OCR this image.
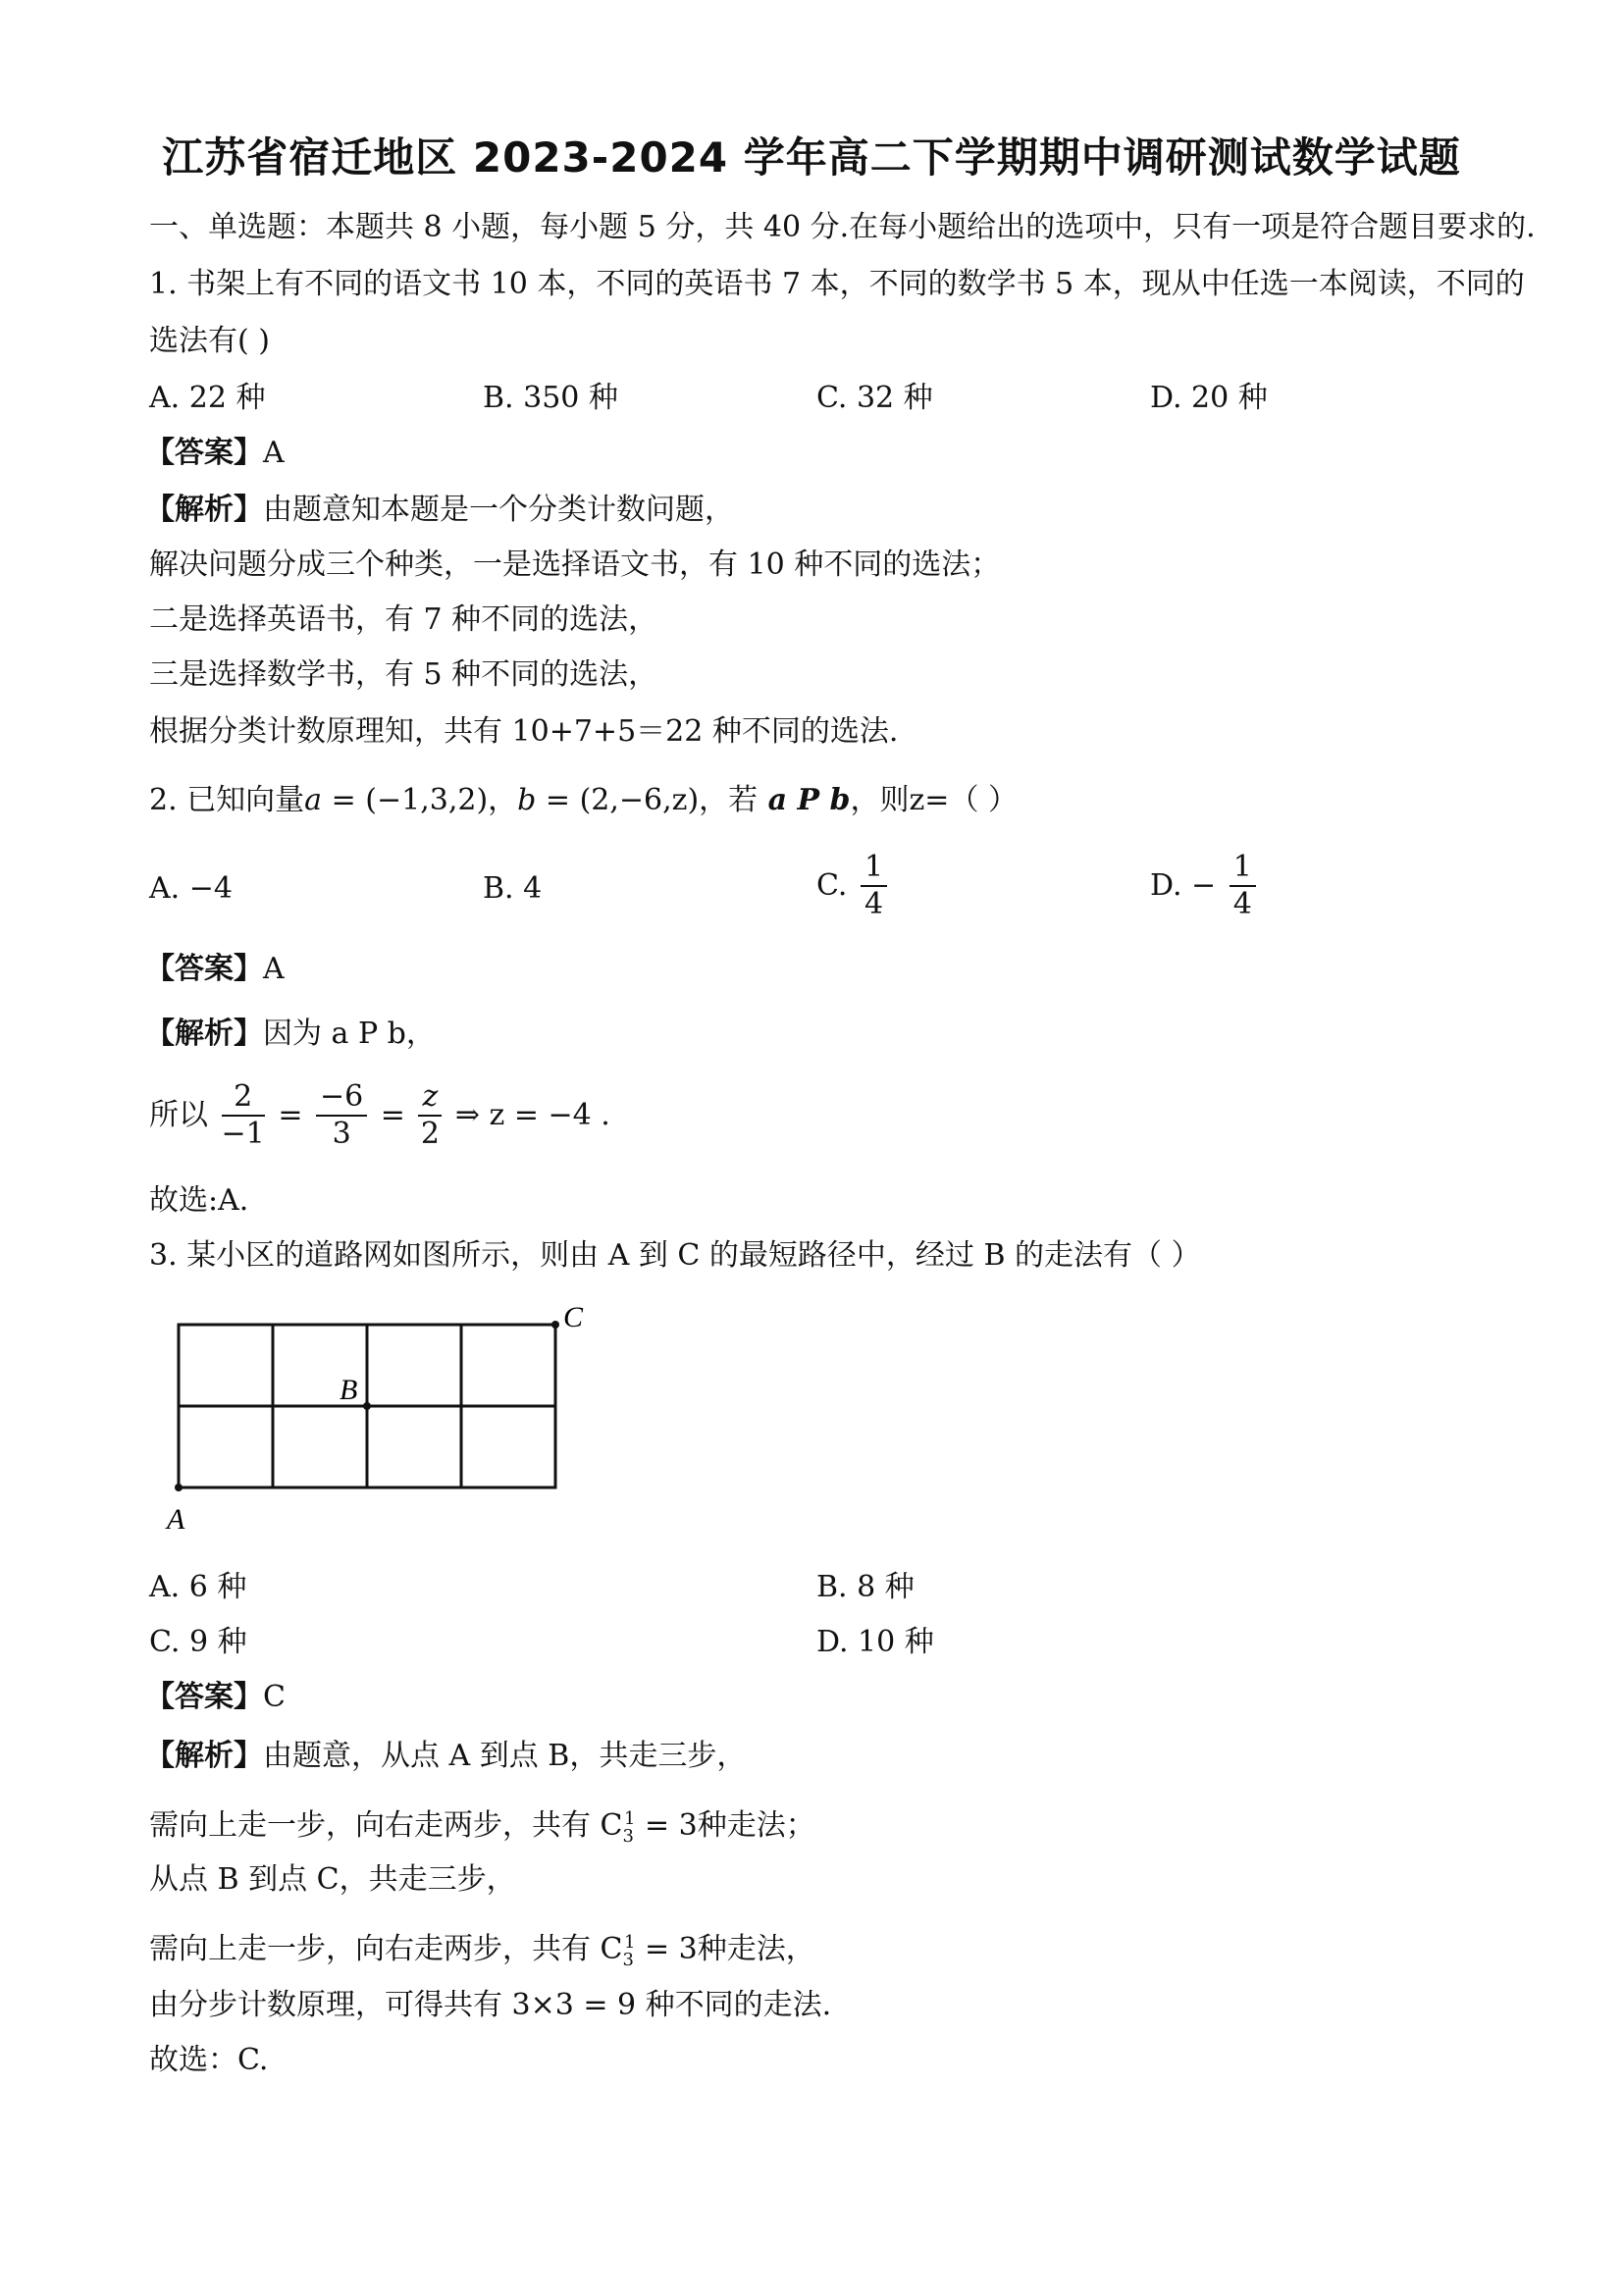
江苏省宿迁地区 2023-2024 学年高二下学期期中调研测试数学试题
一、单选题：本题共 8 小题，每小题 5 分，共 40 分.在每小题给出的选项中，只有一项是符合题目要求的.
1. 书架上有不同的语文书 10 本，不同的英语书 7 本，不同的数学书 5 本，现从中任选一本阅读，不同的
选法有( )
A. 22 种	B. 350 种	C. 32 种	D. 20 种
【答案】A
【解析】由题意知本题是一个分类计数问题，
解决问题分成三个种类，一是选择语文书，有 10 种不同的选法；
二是选择英语书，有 7 种不同的选法，
三是选择数学书，有 5 种不同的选法，
根据分类计数原理知，共有 10+7+5＝22 种不同的选法.
2. 已知向量a = (−1,3,2)，b = (2,−6,z)，若 a P b，则z=（ ）
A. −4	B. 4	C. $\frac{1}{4}$	D. − $\frac{1}{4}$
【答案】A
【解析】因为 a P b，
所以 $\frac{2}{-1} = \frac{-6}{3} = \frac{z}{2}$ ⇒ z = −4 .
故选:A.
3. 某小区的道路网如图所示，则由 A 到 C 的最短路径中，经过 B 的走法有（ ）
A
B
C
A. 6 种	B. 8 种
C. 9 种	D. 10 种
【答案】C
【解析】由题意，从点 A 到点 B，共走三步，
需向上走一步，向右走两步，共有 $C_3^1 = 3$种走法；
从点 B 到点 C，共走三步，
需向上走一步，向右走两步，共有 $C_3^1 = 3$种走法，
由分步计数原理，可得共有 3×3 = 9 种不同的走法.
故选：C.
